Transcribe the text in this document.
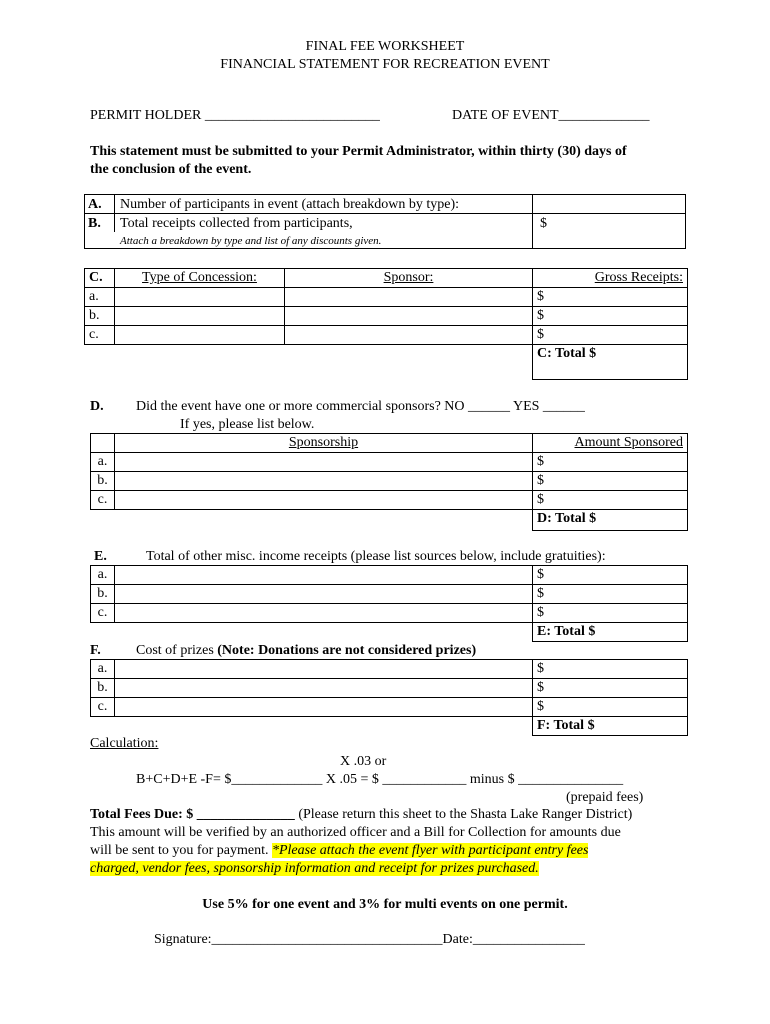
FINAL FEE WORKSHEET
FINANCIAL STATEMENT FOR RECREATION EVENT
PERMIT HOLDER _________________________	DATE OF EVENT_____________
This statement must be submitted to your Permit Administrator, within thirty (30) days of
the conclusion of the event.
A. Number of participants in event (attach breakdown by type):
B. Total receipts collected from participants,	$
Attach a breakdown by type and list of any discounts given.
C.	Type of Concession:	Sponsor:	Gross Receipts:
a.			$
b.			$
c.			$
			C: Total $
D. Did the event have one or more commercial sponsors? NO ______ YES ______
If yes, please list below.
	Sponsorship	Amount Sponsored
a.		$
b.		$
c.		$
		D: Total $
E.	Total of other misc. income receipts (please list sources below, include gratuities):
a.		$
b.		$
c.		$
		E: Total $
F.	Cost of prizes (Note: Donations are not considered prizes)
a.		$
b.		$
c.		$
		F: Total $
Calculation:
X .03 or
B+C+D+E -F= $_____________ X .05 = $ ____________ minus $ _______________
(prepaid fees)
Total Fees Due: $ ______________ (Please return this sheet to the Shasta Lake Ranger District)
This amount will be verified by an authorized officer and a Bill for Collection for amounts due
will be sent to you for payment. *Please attach the event flyer with participant entry fees
charged, vendor fees, sponsorship information and receipt for prizes purchased.
Use 5% for one event and 3% for multi events on one permit.
Signature:_________________________________Date:________________
